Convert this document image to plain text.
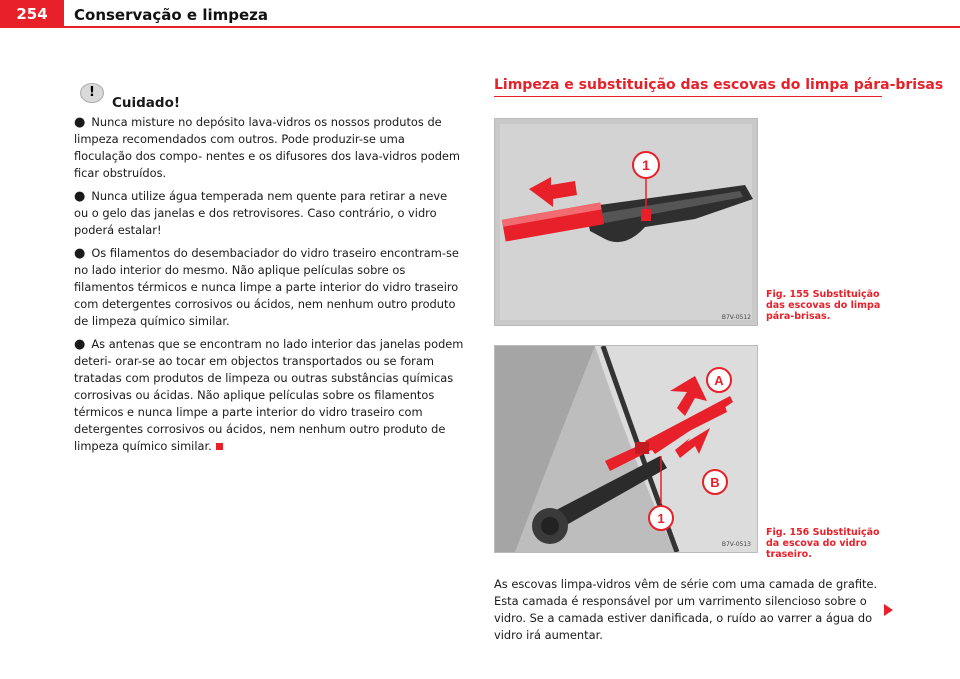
254	Conservação e limpeza
!
Cuidado!

● Nunca misture no depósito lava-vidros os nossos produtos de limpeza recomendados com outros. Pode produzir-se uma floculação dos compo- nentes e os difusores dos lava-vidros podem ficar obstruídos.

● Nunca utilize água temperada nem quente para retirar a neve ou o gelo das janelas e dos retrovisores. Caso contrário, o vidro poderá estalar!

● Os filamentos do desembaciador do vidro traseiro encontram-se no lado interior do mesmo. Não aplique películas sobre os filamentos térmicos e nunca limpe a parte interior do vidro traseiro com detergentes corrosivos ou ácidos, nem nenhum outro produto de limpeza químico similar.

● As antenas que se encontram no lado interior das janelas podem deteri- orar-se ao tocar em objectos transportados ou se foram tratadas com produtos de limpeza ou outras substâncias químicas corrosivas ou ácidas. Não aplique películas sobre os filamentos térmicos e nunca limpe a parte interior do vidro traseiro com detergentes corrosivos ou ácidos, nem nenhum outro produto de limpeza químico similar.

Limpeza e substituição das escovas do limpa pára-brisas
1
B7V-0512
A
B
1
B7V-0513
Fig. 155 Substituição das escovas do limpa pára-brisas.
Fig. 156 Substituição da escova do vidro traseiro.
As escovas limpa-vidros vêm de série com uma camada de grafite. Esta camada é responsável por um varrimento silencioso sobre o vidro. Se a camada estiver danificada, o ruído ao varrer a água do vidro irá aumentar.
